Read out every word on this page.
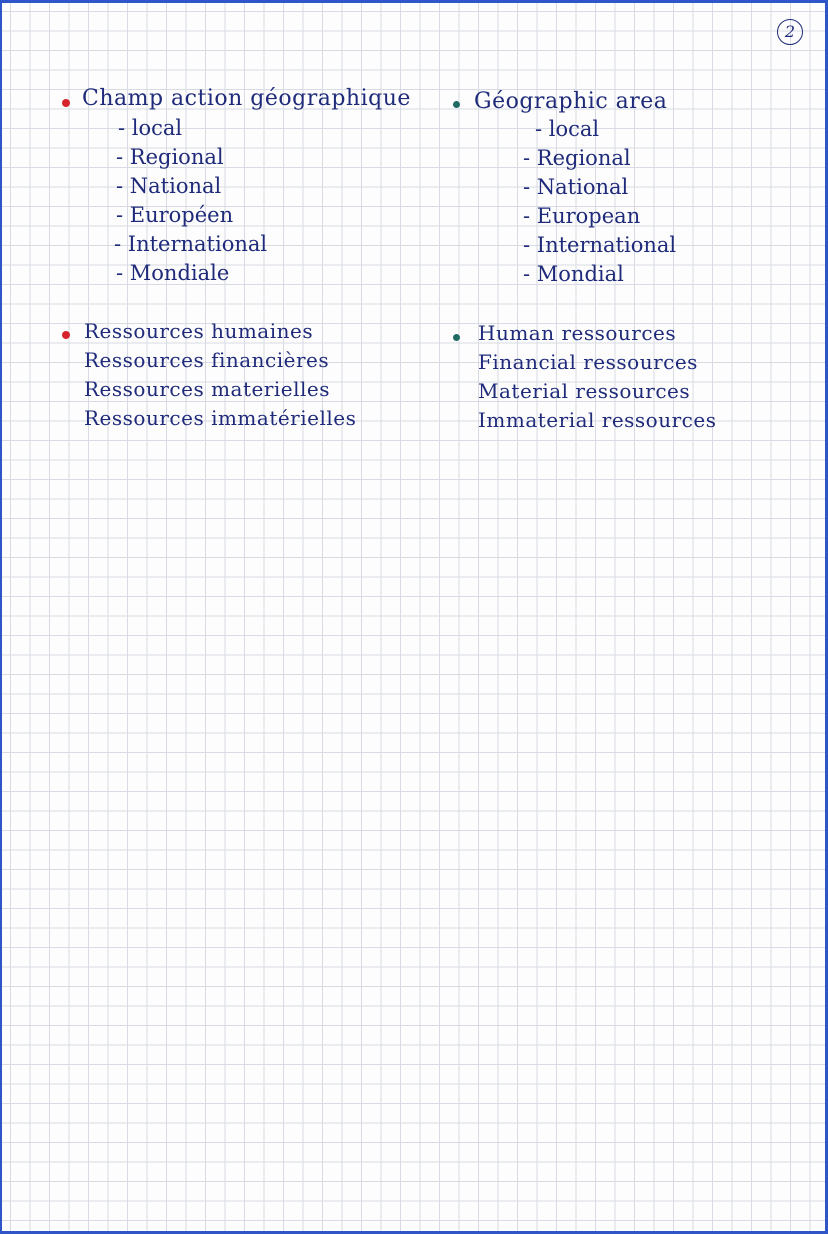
2
Champ action géographique
- local
- Regional
- National
- Européen
- International
- Mondiale
Géographic area
- local
- Regional
- National
- European
- International
- Mondial
Ressources humaines
Ressources financières
Ressources materielles
Ressources immatérielles
Human ressources
Financial ressources
Material ressources
Immaterial ressources
